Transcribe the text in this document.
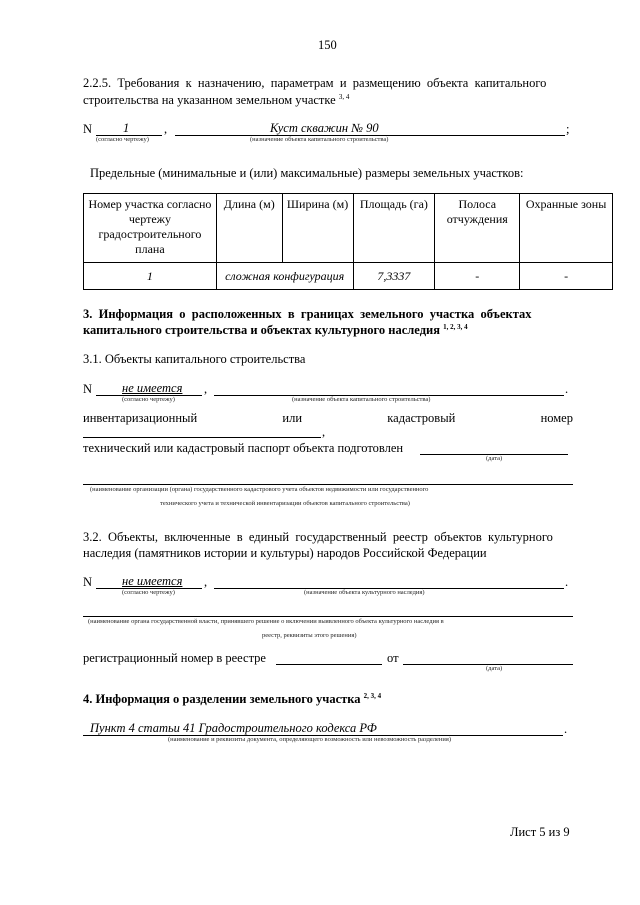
150
2.2.5.  Требования  к  назначению,  параметрам  и  размещению  объекта  капитального
строительства на указанном земельном участке $^{3, 4}$
N 1	,
(согласно чертежу)
Куст скважин № 90	;
(назначение объекта капитального строительства)
Предельные (минимальные и (или) максимальные) размеры земельных участков:
Номер участка согласно чертежу градостроительного плана	Длина (м)	Ширина (м)	Площадь (га)	Полоса отчуждения	Охранные зоны
1	сложная конфигурация		7,3337	-	-
3.  Информация  о  расположенных  в  границах  земельного  участка  объектах
капитального строительства и объектах культурного наследия $^{1, 2, 3, 4}$
3.1. Объекты капитального строительства
N не имеется ,
(согласно чертежу)
.
(назначение объекта капитального строительства)
инвентаризационный	или	кадастровый	номер
,
технический или кадастровый паспорт объекта подготовлен
(дата)
(наименование организации (органа) государственного кадастрового учета объектов недвижимости или государственного
технического учета и технической инвентаризации объектов капитального строительства)
3.2.  Объекты,  включенные  в  единый  государственный  реестр  объектов  культурного
наследия (памятников истории и культуры) народов Российской Федерации
N не имеется ,
(согласно чертежу)
.
(назначение объекта культурного наследия)
(наименование органа государственной власти, принявшего решение о включении выявленного объекта культурного наследия в
реестр, реквизиты этого решения)
регистрационный номер в реестре	от
(дата)
4. Информация о разделении земельного участка $^{2, 3, 4}$
Пункт 4 статьи 41 Градостроительного кодекса РФ	.
(наименование и реквизиты документа, определяющего возможность или невозможность разделения)
Лист 5 из 9
